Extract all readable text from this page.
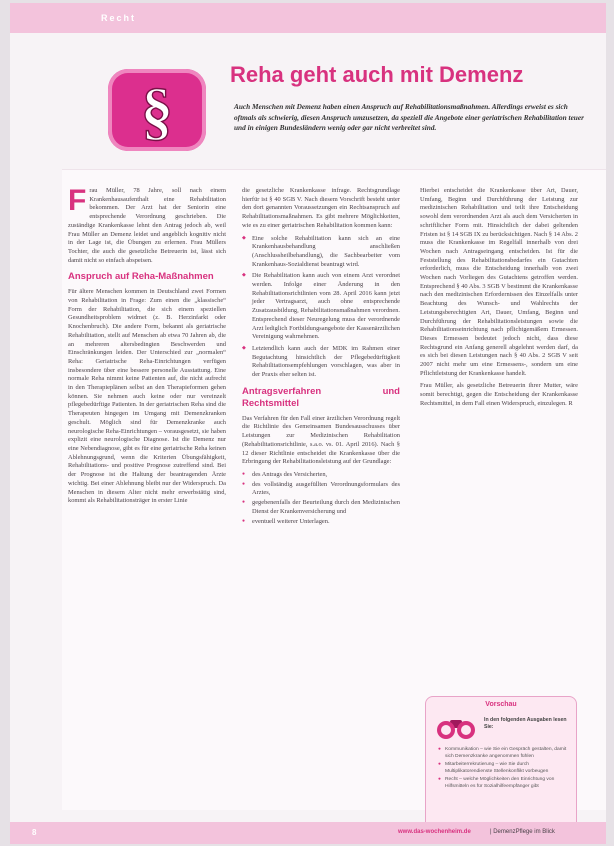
Recht
§
Reha geht auch mit Demenz

Auch Menschen mit Demenz haben einen Anspruch auf Rehabilitationsmaßnahmen. Allerdings erweist es sich oftmals als schwierig, diesen Anspruch umzusetzen, da speziell die Angebote einer geriatrischen Rehabilitation teuer und in einigen Bundesländern wenig oder gar nicht verbreitet sind.

Frau Müller, 78 Jahre, soll nach einem Krankenhausaufenthalt eine Rehabilitation bekommen. Der Arzt hat der Seniorin eine entsprechende Verordnung geschrieben. Die zuständige Krankenkasse lehnt den Antrag jedoch ab, weil Frau Müller an Demenz leidet und angeblich kognitiv nicht in der Lage ist, die Übungen zu erlernen. Frau Müllers Tochter, die auch die gesetzliche Betreuerin ist, lässt sich damit nicht so einfach abspeisen.

Anspruch auf Reha-Maßnahmen

Für ältere Menschen kommen in Deutschland zwei Formen von Rehabilitation in Frage: Zum einen die „klassische“ Form der Rehabilitation, die sich einem speziellen Gesundheitsproblem widmet (z. B. Herzinfarkt oder Knochenbruch). Die andere Form, bekannt als geriatrische Rehabilitation, stellt auf Menschen ab etwa 70 Jahren ab, die an mehreren altersbedingten Beschwerden und Einschränkungen leiden. Der Unterschied zur „normalen“ Reha: Geriatrische Reha-Einrichtungen verfügen insbesondere über eine bessere personelle Ausstattung. Eine normale Reha nimmt keine Patienten auf, die nicht aufrecht in den Therapieplänen selbst an den Therapieformen gehen können. Sie nehmen auch keine oder nur vereinzelt pflegebedürftige Patienten. In der geriatrischen Reha sind die Therapeuten hingegen im Umgang mit Demenzkranken geschult. Möglich sind für Demenzkranke auch neurologische Reha-Einrichtungen – vorausgesetzt, sie haben explizit eine neurologische Diagnose. Ist die Demenz nur eine Nebendiagnose, gibt es für eine geriatrische Reha keinen Ablehnungsgrund, wenn die Kriterien Übungsfähigkeit, Rehabilitations- und positive Prognose zutreffend sind. Bei der Prognose ist die Haltung der beantragenden Ärzte wichtig. Bei einer Ablehnung bleibt nur der Widerspruch. Da Menschen in diesem Alter nicht mehr erwerbstätig sind, kommt als Rehabilitationsträger in erster Linie

die gesetzliche Krankenkasse infrage. Rechtsgrundlage hierfür ist § 40 SGB V. Nach diesem Vorschrift besteht unter den dort genannten Voraussetzungen ein Rechtsanspruch auf Rehabilitationsmaßnahmen. Es gibt mehrere Möglichkeiten, wie es zu einer geriatrischen Rehabilitation kommen kann:

◆ Eine solche Rehabilitation kann sich an eine Krankenhausbehandlung anschließen (Anschlussheilbehandlung), die Sachbearbeiter vom Krankenhaus-Sozialdienst beantragt wird.
◆ Die Rehabilitation kann auch von einem Arzt verordnet werden. Infolge einer Änderung in den Rehabilitationsrichtlinien vom 28. April 2016 kann jetzt jeder Vertragsarzt, auch ohne entsprechende Zusatzausbildung, Rehabilitationsmaßnahmen verordnen. Entsprechend dieser Neuregelung muss der verordnende Arzt lediglich Fortbildungsangebote der Kassenärztlichen Vereinigung wahrnehmen.
◆ Letztendlich kann auch der MDK im Rahmen einer Begutachtung hinsichtlich der Pflegebedürftigkeit Rehabilitationsempfehlungen vorschlagen, was aber in der Praxis eher selten ist.

Antragsverfahren und Rechtsmittel

Das Verfahren für den Fall einer ärztlichen Verordnung regelt die Richtlinie des Gemeinsamen Bundesausschusses über Leistungen zur Medizinischen Rehabilitation (Rehabilitationsrichtlinie, s.a.o. vs. 01. April 2016). Nach § 12 dieser Richtlinie entscheidet die Krankenkasse über die Erbringung der Rehabilitationsleistung auf der Grundlage:

● des Antrags des Versicherten,
● des vollständig ausgefüllten Verordnungsformulars des Arztes,
● gegebenenfalls der Beurteilung durch den Medizinischen Dienst der Krankenversicherung und
● eventuell weiterer Unterlagen.

Hierbei entscheidet die Krankenkasse über Art, Dauer, Umfang, Beginn und Durchführung der Leistung zur medizinischen Rehabilitation und teilt ihre Entscheidung sowohl dem verordnenden Arzt als auch dem Versicherten in schriftlicher Form mit. Hinsichtlich der dabei geltenden Fristen ist § 14 SGB IX zu berücksichtigen. Nach § 14 Abs. 2 muss die Krankenkasse im Regelfall innerhalb von drei Wochen nach Antragseingang entscheiden. Ist für die Feststellung des Rehabilitationsbedarfes ein Gutachten erforderlich, muss die Entscheidung innerhalb von zwei Wochen nach Vorliegen des Gutachtens getroffen werden. Entsprechend § 40 Abs. 3 SGB V bestimmt die Krankenkasse nach den medizinischen Erfordernissen des Einzelfalls unter Beachtung des Wunsch- und Wahlrechts der Leistungsberechtigten Art, Dauer, Umfang, Beginn und Durchführung der Rehabilitationsleistungen sowie die Rehabilitationseinrichtung nach pflichtgemäßem Ermessen. Dieses Ermessen bedeutet jedoch nicht, dass diese Rechtsgrund ein Anfang generell abgelehnt werden darf, da es sich bei diesen Leistungen nach § 40 Abs. 2 SGB V seit 2007 nicht mehr um eine Ermessens-, sondern um eine Pflichtleistung der Krankenkasse handelt.

Frau Müller, als gesetzliche Betreuerin ihrer Mutter, wäre somit berechtigt, gegen die Entscheidung der Krankenkasse Rechtsmittel, in dem Fall einen Widerspruch, einzulegen. R

Vorschau
In den folgenden Ausgaben lesen Sie:
● Kommunikation – wie Sie ein Gespräch gestalten, damit sich Demenzkranke angenommen fühlen
● Mitarbeiterrekrutierung – wie Sie durch Multiplikatorendienste Stellenkonflikt vorbeugen
● Recht – welche Möglichkeiten den Einrichtung von Hilfsmitteln es für Sozialhilfeempfänger gibt
8	www.das-wochenheim.de	| DemenzPflege im Blick
